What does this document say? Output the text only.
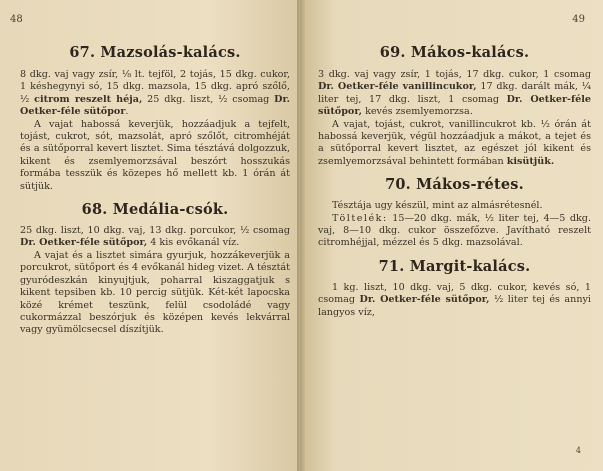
48
67. Mazsolás-kalács.

8 dkg. vaj vagy zsír, ⅛ lt. tejföl, 2 tojás, 15 dkg. cukor, 1 késhegynyi só, 15 dkg. mazsola, 15 dkg. apró szőlő, ½ citrom reszelt héja, 25 dkg. liszt, ½ csomag Dr. Oetker-féle sütőpor.

A vajat habossá keverjük, hozzáadjuk a tejfelt, tojást, cukrot, sót, mazsolát, apró szőlőt, citromhéját és a sütőporral kevert lisztet. Sima tésztává dolgozzuk, kikent és zsemlyemorzsával beszórt hosszukás formába tesszük és közepes hő mellett kb. 1 órán át sütjük.

68. Medália-csók.

25 dkg. liszt, 10 dkg. vaj, 13 dkg. porcukor, ½ csomag Dr. Oetker-féle sütőpor, 4 kis evőkanál víz.

A vajat és a lisztet simára gyurjuk, hozzákeverjük a porcukrot, sütőport és 4 evőkanál hideg vizet. A tésztát gyuródeszkán kinyujtjuk, poharral kiszaggatjuk s kikent tepsiben kb. 10 percig sütjük. Két-két lapocska közé krémet teszünk, felül csodoládé vagy cukormázzal beszórjuk és középen kevés lekvárral vagy gyümölcsecsel díszítjük.

49
69. Mákos-kalács.

3 dkg. vaj vagy zsír, 1 tojás, 17 dkg. cukor, 1 csomag Dr. Oetker-féle vanillincukor, 17 dkg. darált mák, ¼ liter tej, 17 dkg. liszt, 1 csomag Dr. Oetker-féle sütőpor, kevés zsemlyemorzsa.

A vajat, tojást, cukrot, vanillincukrot kb. ½ órán át habossá keverjük, végül hozzáadjuk a mákot, a tejet és a sütőporral kevert lisztet, az egészet jól kikent és zsemlyemorzsával behintett formában kisütjük.

70. Mákos-rétes.

Tésztája ugy készül, mint az almásrétesnél.

Töltelék: 15—20 dkg. mák, ½ liter tej, 4—5 dkg. vaj, 8—10 dkg. cukor összefőzve. Javítható reszelt citromhéjjal, mézzel és 5 dkg. mazsolával.

71. Margit-kalács.

1 kg. liszt, 10 dkg. vaj, 5 dkg. cukor, kevés só, 1 csomag Dr. Oetker-féle sütőpor, ½ liter tej és annyi langyos víz,

4
